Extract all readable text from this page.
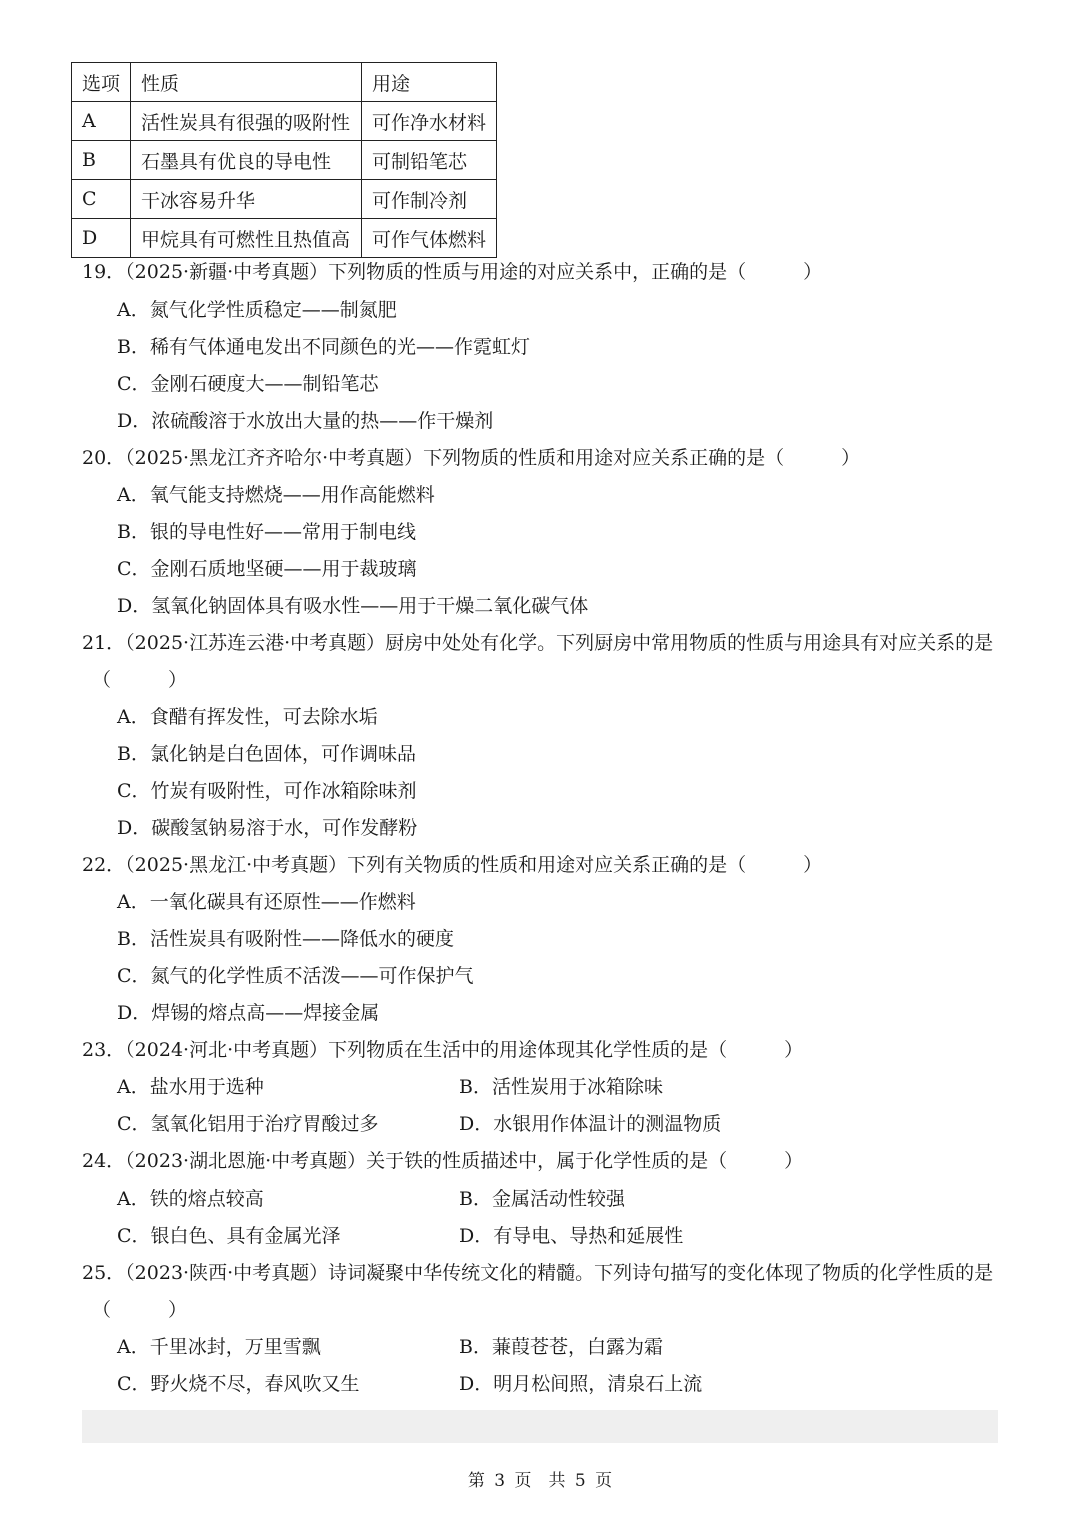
选项	性质	用途
A	活性炭具有很强的吸附性	可作净水材料
B	石墨具有优良的导电性	可制铅笔芯
C	干冰容易升华	可作制冷剂
D	甲烷具有可燃性且热值高	可作气体燃料
19．（2025·新疆·中考真题）下列物质的性质与用途的对应关系中，正确的是（　　　）
A．氮气化学性质稳定——制氮肥
B．稀有气体通电发出不同颜色的光——作霓虹灯
C．金刚石硬度大——制铅笔芯
D．浓硫酸溶于水放出大量的热——作干燥剂
20．（2025·黑龙江齐齐哈尔·中考真题）下列物质的性质和用途对应关系正确的是（　　　）
A．氧气能支持燃烧——用作高能燃料
B．银的导电性好——常用于制电线
C．金刚石质地坚硬——用于裁玻璃
D．氢氧化钠固体具有吸水性——用于干燥二氧化碳气体
21．（2025·江苏连云港·中考真题）厨房中处处有化学。下列厨房中常用物质的性质与用途具有对应关系的是
（　　　）
A．食醋有挥发性，可去除水垢
B．氯化钠是白色固体，可作调味品
C．竹炭有吸附性，可作冰箱除味剂
D．碳酸氢钠易溶于水，可作发酵粉
22．（2025·黑龙江·中考真题）下列有关物质的性质和用途对应关系正确的是（　　　）
A．一氧化碳具有还原性——作燃料
B．活性炭具有吸附性——降低水的硬度
C．氮气的化学性质不活泼——可作保护气
D．焊锡的熔点高——焊接金属
23．（2024·河北·中考真题）下列物质在生活中的用途体现其化学性质的是（　　　）
A．盐水用于选种	B．活性炭用于冰箱除味
C．氢氧化铝用于治疗胃酸过多	D．水银用作体温计的测温物质
24．（2023·湖北恩施·中考真题）关于铁的性质描述中，属于化学性质的是（　　　）
A．铁的熔点较高	B．金属活动性较强
C．银白色、具有金属光泽	D．有导电、导热和延展性
25．（2023·陕西·中考真题）诗词凝聚中华传统文化的精髓。下列诗句描写的变化体现了物质的化学性质的是
（　　　）
A．千里冰封，万里雪飘	B．蒹葭苍苍，白露为霜
C．野火烧不尽，春风吹又生	D．明月松间照，清泉石上流
第 3 页　共 5 页
